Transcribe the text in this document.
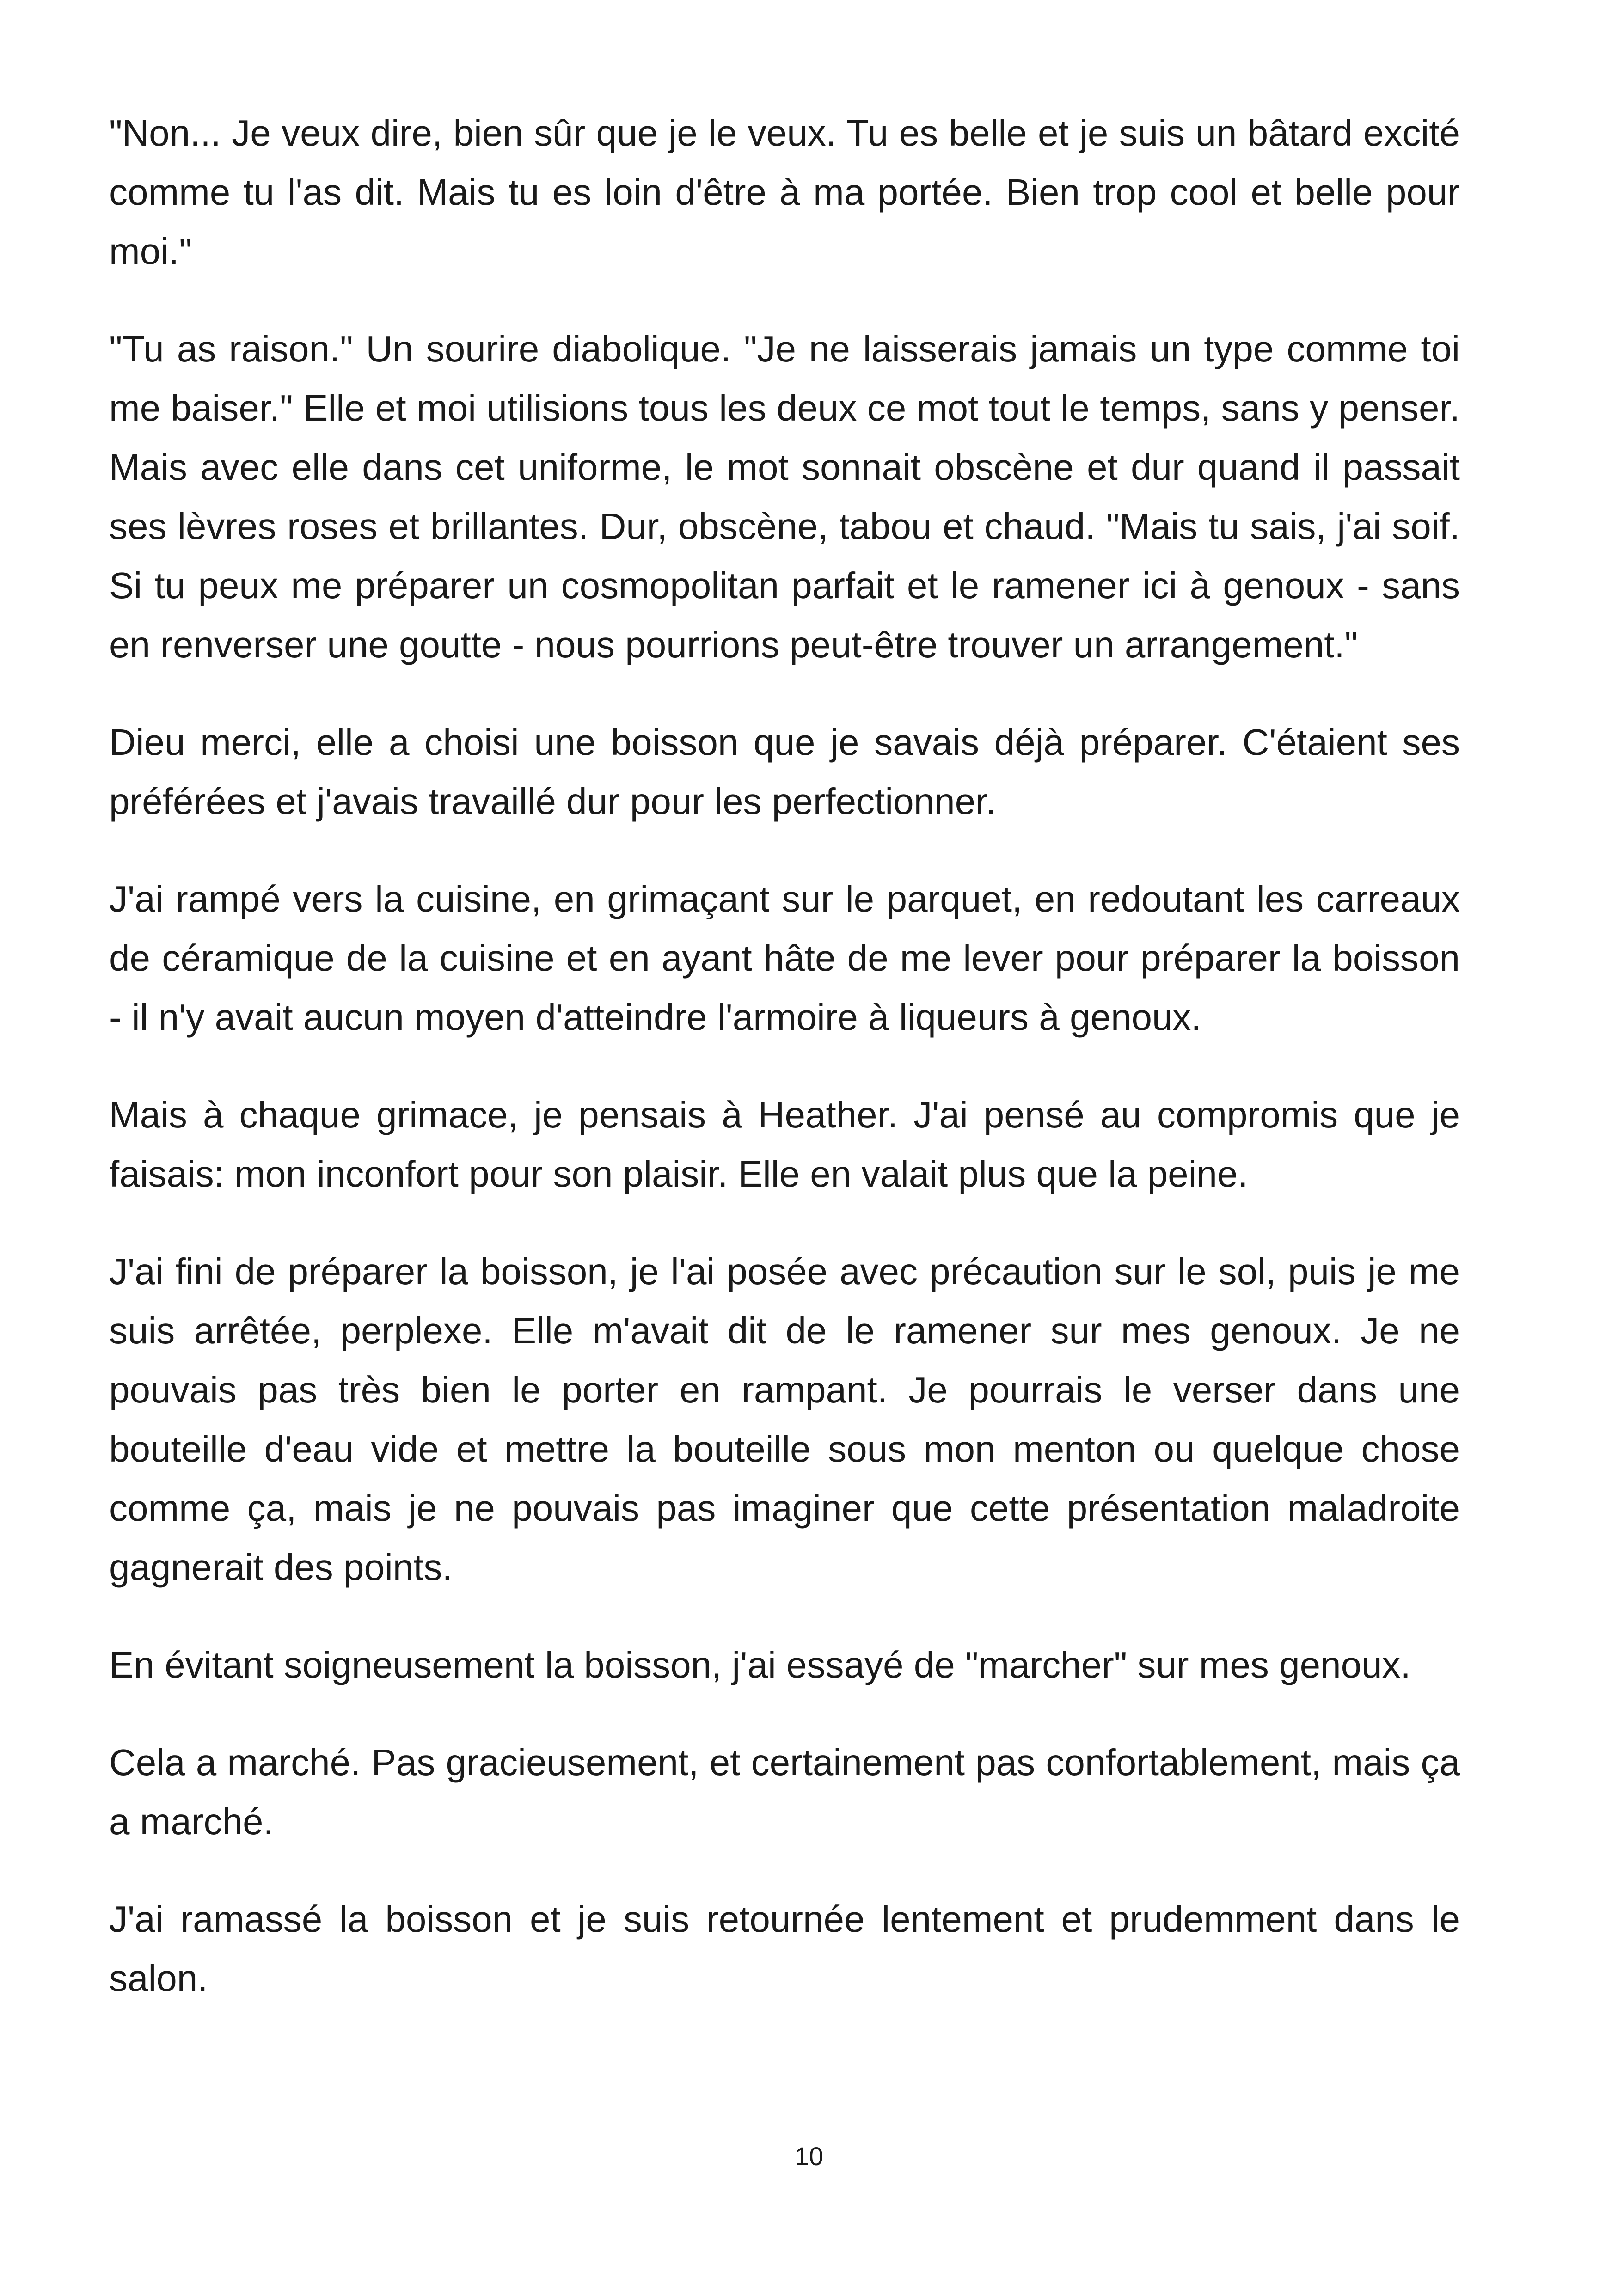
"Non... Je veux dire, bien sûr que je le veux. Tu es belle et je suis un bâtard excité comme tu l'as dit. Mais tu es loin d'être à ma portée. Bien trop cool et belle pour moi."

"Tu as raison." Un sourire diabolique. "Je ne laisserais jamais un type comme toi me baiser." Elle et moi utilisions tous les deux ce mot tout le temps, sans y penser. Mais avec elle dans cet uniforme, le mot sonnait obscène et dur quand il passait ses lèvres roses et brillantes. Dur, obscène, tabou et chaud. "Mais tu sais, j'ai soif. Si tu peux me préparer un cosmopolitan parfait et le ramener ici à genoux - sans en renverser une goutte - nous pourrions peut-être trouver un arrangement."

Dieu merci, elle a choisi une boisson que je savais déjà préparer. C'étaient ses préférées et j'avais travaillé dur pour les perfectionner.

J'ai rampé vers la cuisine, en grimaçant sur le parquet, en redoutant les carreaux de céramique de la cuisine et en ayant hâte de me lever pour préparer la boisson - il n'y avait aucun moyen d'atteindre l'armoire à liqueurs à genoux.

Mais à chaque grimace, je pensais à Heather. J'ai pensé au compromis que je faisais: mon inconfort pour son plaisir. Elle en valait plus que la peine.

J'ai fini de préparer la boisson, je l'ai posée avec précaution sur le sol, puis je me suis arrêtée, perplexe. Elle m'avait dit de le ramener sur mes genoux. Je ne pouvais pas très bien le porter en rampant. Je pourrais le verser dans une bouteille d'eau vide et mettre la bouteille sous mon menton ou quelque chose comme ça, mais je ne pouvais pas imaginer que cette présentation maladroite gagnerait des points.

En évitant soigneusement la boisson, j'ai essayé de "marcher" sur mes genoux.

Cela a marché. Pas gracieusement, et certainement pas confortablement, mais ça a marché.

J'ai ramassé la boisson et je suis retournée lentement et prudemment dans le salon.

10
